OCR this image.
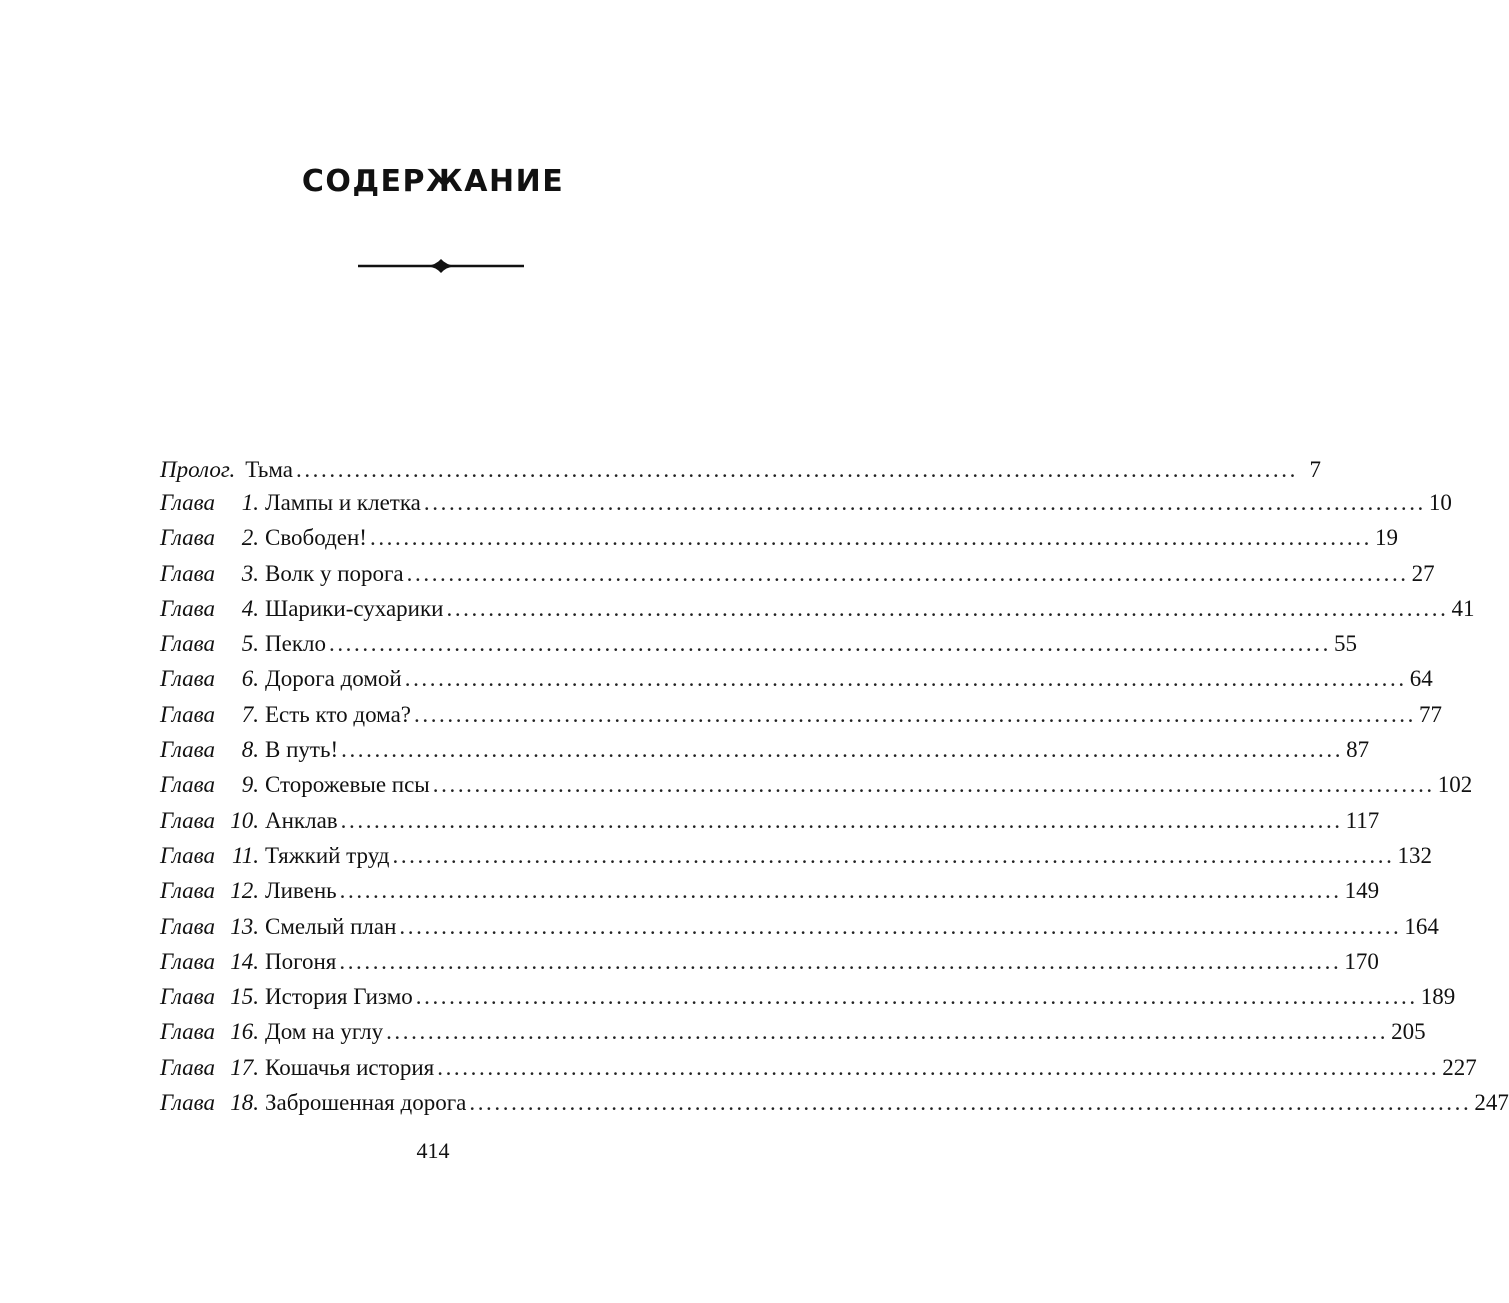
СОДЕРЖАНИЕ
Пролог. Тьма ........................................................................................................................ 7
Глава	1. Лампы и клетка ........................................................................................................................ 10
Глава	2. Свободен! ........................................................................................................................ 19
Глава	3. Волк у порога ........................................................................................................................ 27
Глава	4. Шарики-сухарики ........................................................................................................................ 41
Глава	5. Пекло ........................................................................................................................ 55
Глава	6. Дорога домой ........................................................................................................................ 64
Глава	7. Есть кто дома? ........................................................................................................................ 77
Глава	8. В путь! ........................................................................................................................ 87
Глава	9. Сторожевые псы ........................................................................................................................ 102
Глава 10. Анклав ........................................................................................................................ 117
Глава 11. Тяжкий труд ........................................................................................................................ 132
Глава 12. Ливень ........................................................................................................................ 149
Глава 13. Смелый план ........................................................................................................................ 164
Глава 14. Погоня ........................................................................................................................ 170
Глава 15. История Гизмо ........................................................................................................................ 189
Глава 16. Дом на углу ........................................................................................................................ 205
Глава 17. Кошачья история ........................................................................................................................ 227
Глава 18. Заброшенная дорога ........................................................................................................................ 247
414
